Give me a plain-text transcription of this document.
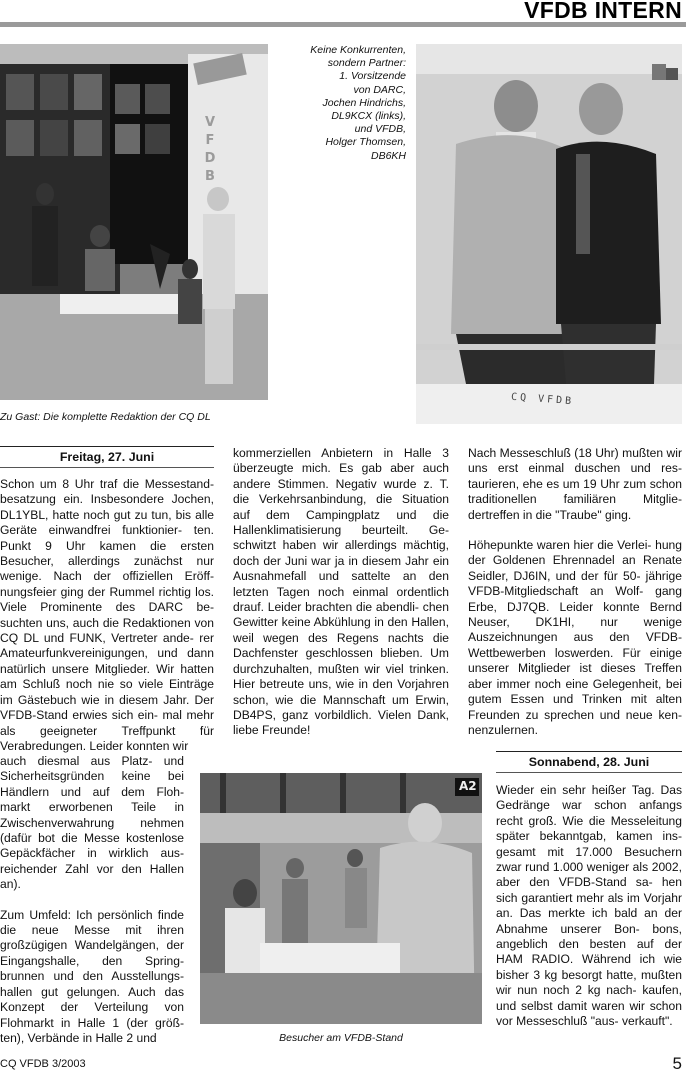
VFDB INTERN
VFDB
Zu Gast: Die komplette Redaktion der CQ DL
Keine Konkurrenten,
sondern Partner:
1. Vorsitzende
von DARC,
Jochen Hindrichs,
DL9KCX (links),
und VFDB,
Holger Thomsen,
DB6KH
CQ VFDB
Freitag, 27. Juni

Schon um 8 Uhr traf die Messestand- besatzung ein. Insbesondere Jochen, DL1YBL, hatte noch gut zu tun, bis alle Geräte einwandfrei funktionier- ten. Punkt 9 Uhr kamen die ersten Besucher, allerdings zunächst nur wenige. Nach der offiziellen Eröff- nungsfeier ging der Rummel richtig los. Viele Prominente des DARC be- suchten uns, auch die Redaktionen von CQ DL und FUNK, Vertreter ande- rer Amateurfunkvereinigungen, und dann natürlich unsere Mitglieder. Wir hatten am Schluß noch nie so viele Einträge im Gästebuch wie in diesem Jahr. Der VFDB-Stand erwies sich ein- mal mehr als geeigneter Treffpunkt für Verabredungen. Leider konnten wir

auch diesmal aus Platz- und Sicherheitsgründen keine bei Händlern und auf dem Floh- markt erworbenen Teile in Zwischenverwahrung nehmen (dafür bot die Messe kostenlose Gepäckfächer in wirklich aus- reichender Zahl vor den Hallen an).

Zum Umfeld: Ich persönlich finde die neue Messe mit ihren großzügigen Wandelgängen, der Eingangshalle, den Spring- brunnen und den Ausstellungs- hallen gut gelungen. Auch das Konzept der Verteilung von Flohmarkt in Halle 1 (der größ- ten), Verbände in Halle 2 und

kommerziellen Anbietern in Halle 3 überzeugte mich. Es gab aber auch andere Stimmen. Negativ wurde z. T. die Verkehrsanbindung, die Situation auf dem Campingplatz und die Hallenklimatisierung beurteilt. Ge- schwitzt haben wir allerdings mächtig, doch der Juni war ja in diesem Jahr ein Ausnahmefall und sattelte an den letzten Tagen noch einmal ordentlich drauf. Leider brachten die abendli- chen Gewitter keine Abkühlung in den Hallen, weil wegen des Regens nachts die Dachfenster geschlossen blieben. Um durchzuhalten, mußten wir viel trinken. Hier betreute uns, wie in den Vorjahren schon, wie die Mannschaft um Erwin, DB4PS, ganz vorbildlich. Vielen Dank, liebe Freunde!

Nach Messeschluß (18 Uhr) mußten wir uns erst einmal duschen und res- taurieren, ehe es um 19 Uhr zum schon traditionellen familiären Mitglie- dertreffen in die "Traube" ging.

Höhepunkte waren hier die Verlei- hung der Goldenen Ehrennadel an Renate Seidler, DJ6IN, und der für 50- jährige VFDB-Mitgliedschaft an Wolf- gang Erbe, DJ7QB. Leider konnte Bernd Neuser, DK1HI, nur wenige Auszeichnungen aus den VFDB- Wettbewerben loswerden. Für einige unserer Mitglieder ist dieses Treffen aber immer noch eine Gelegenheit, bei gutem Essen und Trinken mit alten Freunden zu sprechen und neue ken- nenzulernen.

Sonnabend, 28. Juni

Wieder ein sehr heißer Tag. Das Gedränge war schon anfangs recht groß. Wie die Messeleitung später bekanntgab, kamen ins- gesamt mit 17.000 Besuchern zwar rund 1.000 weniger als 2002, aber den VFDB-Stand sa- hen sich garantiert mehr als im Vorjahr an. Das merkte ich bald an der Abnahme unserer Bon- bons, angeblich den besten auf der HAM RADIO. Während ich wie bisher 3 kg besorgt hatte, mußten wir nun noch 2 kg nach- kaufen, und selbst damit waren wir schon vor Messeschluß "aus- verkauft".

A2
Besucher am VFDB-Stand
CQ VFDB 3/2003	5
